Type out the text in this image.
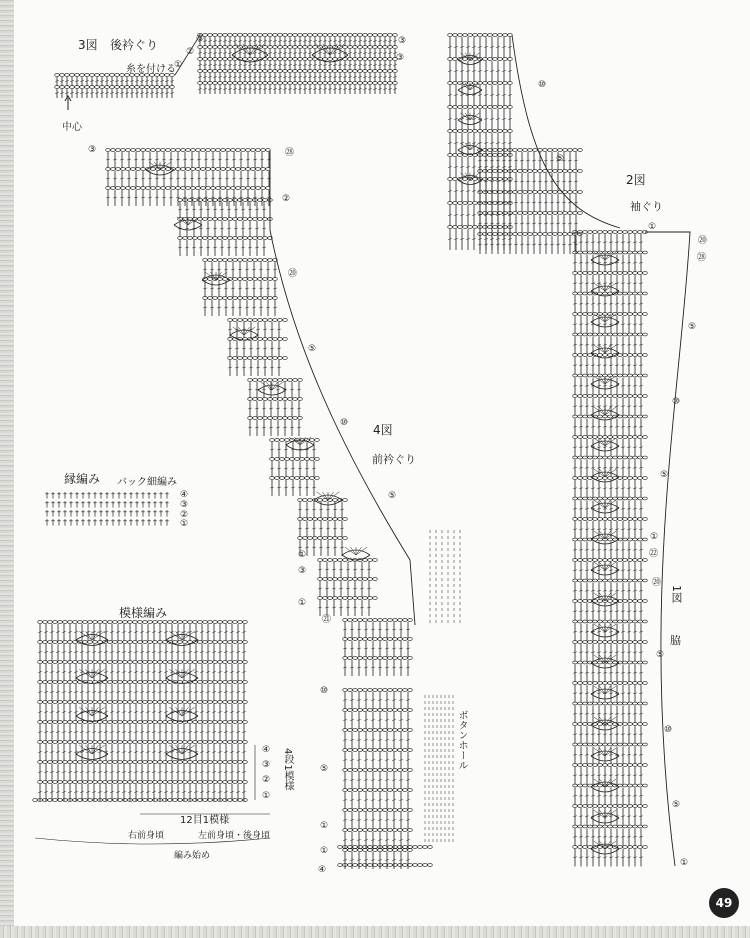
† † † † † † † † † † † † † † † † † † † † †
† † † † † † † † † † † † † † † † † † † † †
† † † † † † † † † † † † † † † † † † † † †
† † † † † † † † † † † † † † † † † † † † †
3図 後衿ぐり
糸を付ける
中心
2図
袖ぐり
4図
前衿ぐり
1図
脇
縁編み バック細編み
模様編み
12目1模様
4段1模様
右前身頃	左前身頃・後身頃
編み始め
ボタンホール
49
③
②
①
③
③
⑩
⑤
①
⑳
㉘
⑤
⑩
⑤
①
㉒
⑳
⑤
⑩
⑤
①
③	㉘
②
⑳
⑤
⑩
⑤
①
③
①
㉑
⑩
⑤
①
①
④
④
③
②
①
④
③
②
①
